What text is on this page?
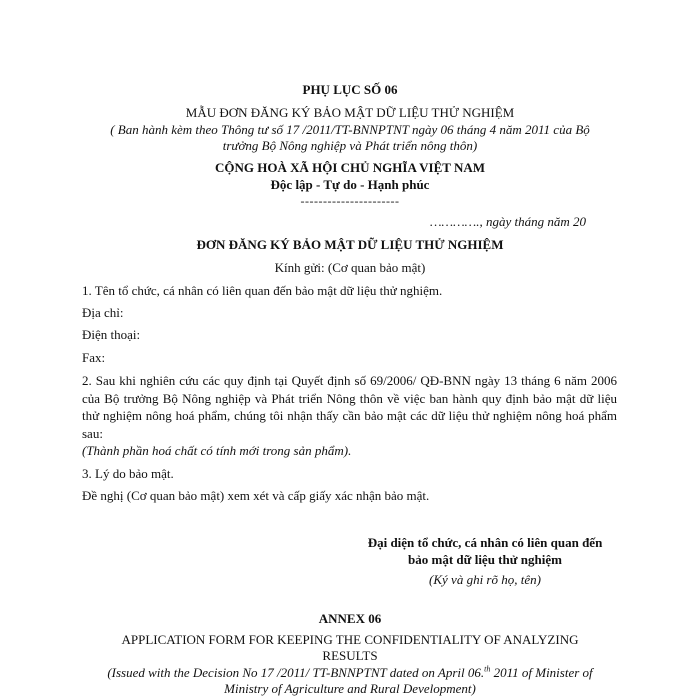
PHỤ LỤC SỐ 06
MẪU ĐƠN ĐĂNG KÝ BẢO MẬT DỮ LIỆU THỬ NGHIỆM
( Ban hành kèm theo Thông tư số 17 /2011/TT-BNNPTNT ngày 06 tháng 4 năm 2011 của Bộ
trưởng Bộ Nông nghiệp và Phát triển nông thôn)
CỘNG HOÀ XÃ HỘI CHỦ NGHĨA VIỆT NAM
Độc lập - Tự do - Hạnh phúc
----------------------
…………., ngày tháng năm 20
ĐƠN ĐĂNG KÝ BẢO MẬT DỮ LIỆU THỬ NGHIỆM
Kính gửi: (Cơ quan bảo mật)
1. Tên tổ chức, cá nhân có liên quan đến bảo mật dữ liệu thử nghiệm.
Địa chỉ:
Điện thoại:
Fax:
2. Sau khi nghiên cứu các quy định tại Quyết định số 69/2006/ QĐ-BNN ngày 13 tháng 6 năm 2006 của Bộ trưởng Bộ Nông nghiệp và Phát triển Nông thôn về việc ban hành quy định bảo mật dữ liệu thử nghiệm nông hoá phẩm, chúng tôi nhận thấy cần bảo mật các dữ liệu thử nghiệm nông hoá phẩm sau:
(Thành phần hoá chất có tính mới trong sản phẩm).
3. Lý do bảo mật.
Đề nghị (Cơ quan bảo mật) xem xét và cấp giấy xác nhận bảo mật.
Đại diện tổ chức, cá nhân có liên quan đến
bảo mật dữ liệu thử nghiệm
(Ký và ghi rõ họ, tên)
ANNEX 06
APPLICATION FORM FOR KEEPING THE CONFIDENTIALITY OF ANALYZING
RESULTS
(Issued with the Decision No 17 /2011/ TT-BNNPTNT dated on April 06.$^{th}$ 2011 of Minister of
Ministry of Agriculture and Rural Development)
